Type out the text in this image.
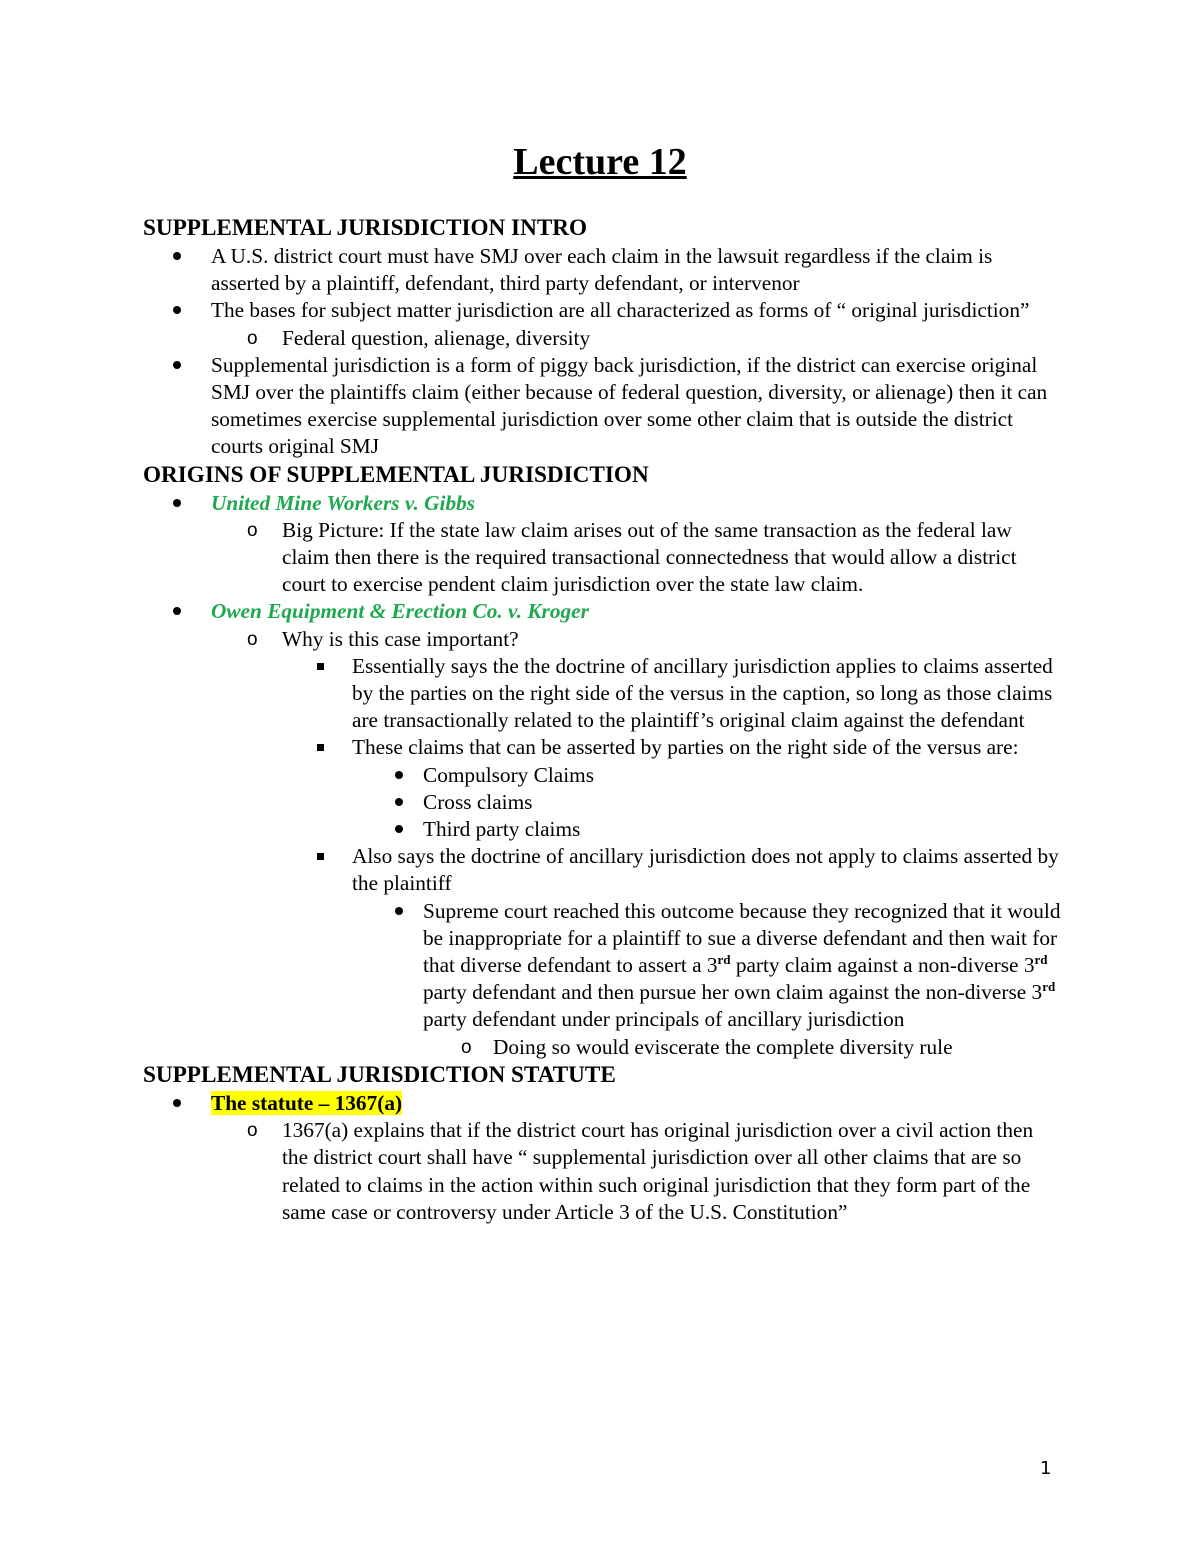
Lecture 12
SUPPLEMENTAL JURISDICTION INTRO
A U.S. district court must have SMJ over each claim in the lawsuit regardless if the claim is asserted by a plaintiff, defendant, third party defendant, or intervenor
The bases for subject matter jurisdiction are all characterized as forms of “ original jurisdiction”
o Federal question, alienage, diversity
Supplemental jurisdiction is a form of piggy back jurisdiction, if the district can exercise original SMJ over the plaintiffs claim (either because of federal question, diversity, or alienage) then it can sometimes exercise supplemental jurisdiction over some other claim that is outside the district courts original SMJ
ORIGINS OF SUPPLEMENTAL JURISDICTION
United Mine Workers v. Gibbs
o Big Picture: If the state law claim arises out of the same transaction as the federal law claim then there is the required transactional connectedness that would allow a district court to exercise pendent claim jurisdiction over the state law claim.
Owen Equipment & Erection Co. v. Kroger
o Why is this case important?
Essentially says the the doctrine of ancillary jurisdiction applies to claims asserted by the parties on the right side of the versus in the caption, so long as those claims are transactionally related to the plaintiff’s original claim against the defendant
These claims that can be asserted by parties on the right side of the versus are:
Compulsory Claims
Cross claims
Third party claims
Also says the doctrine of ancillary jurisdiction does not apply to claims asserted by the plaintiff
Supreme court reached this outcome because they recognized that it would be inappropriate for a plaintiff to sue a diverse defendant and then wait for that diverse defendant to assert a 3rd party claim against a non-diverse 3rd party defendant and then pursue her own claim against the non-diverse 3rd party defendant under principals of ancillary jurisdiction
o Doing so would eviscerate the complete diversity rule
SUPPLEMENTAL JURISDICTION STATUTE
The statute – 1367(a)
o 1367(a) explains that if the district court has original jurisdiction over a civil action then the district court shall have “ supplemental jurisdiction over all other claims that are so related to claims in the action within such original jurisdiction that they form part of the same case or controversy under Article 3 of the U.S. Constitution”
1
